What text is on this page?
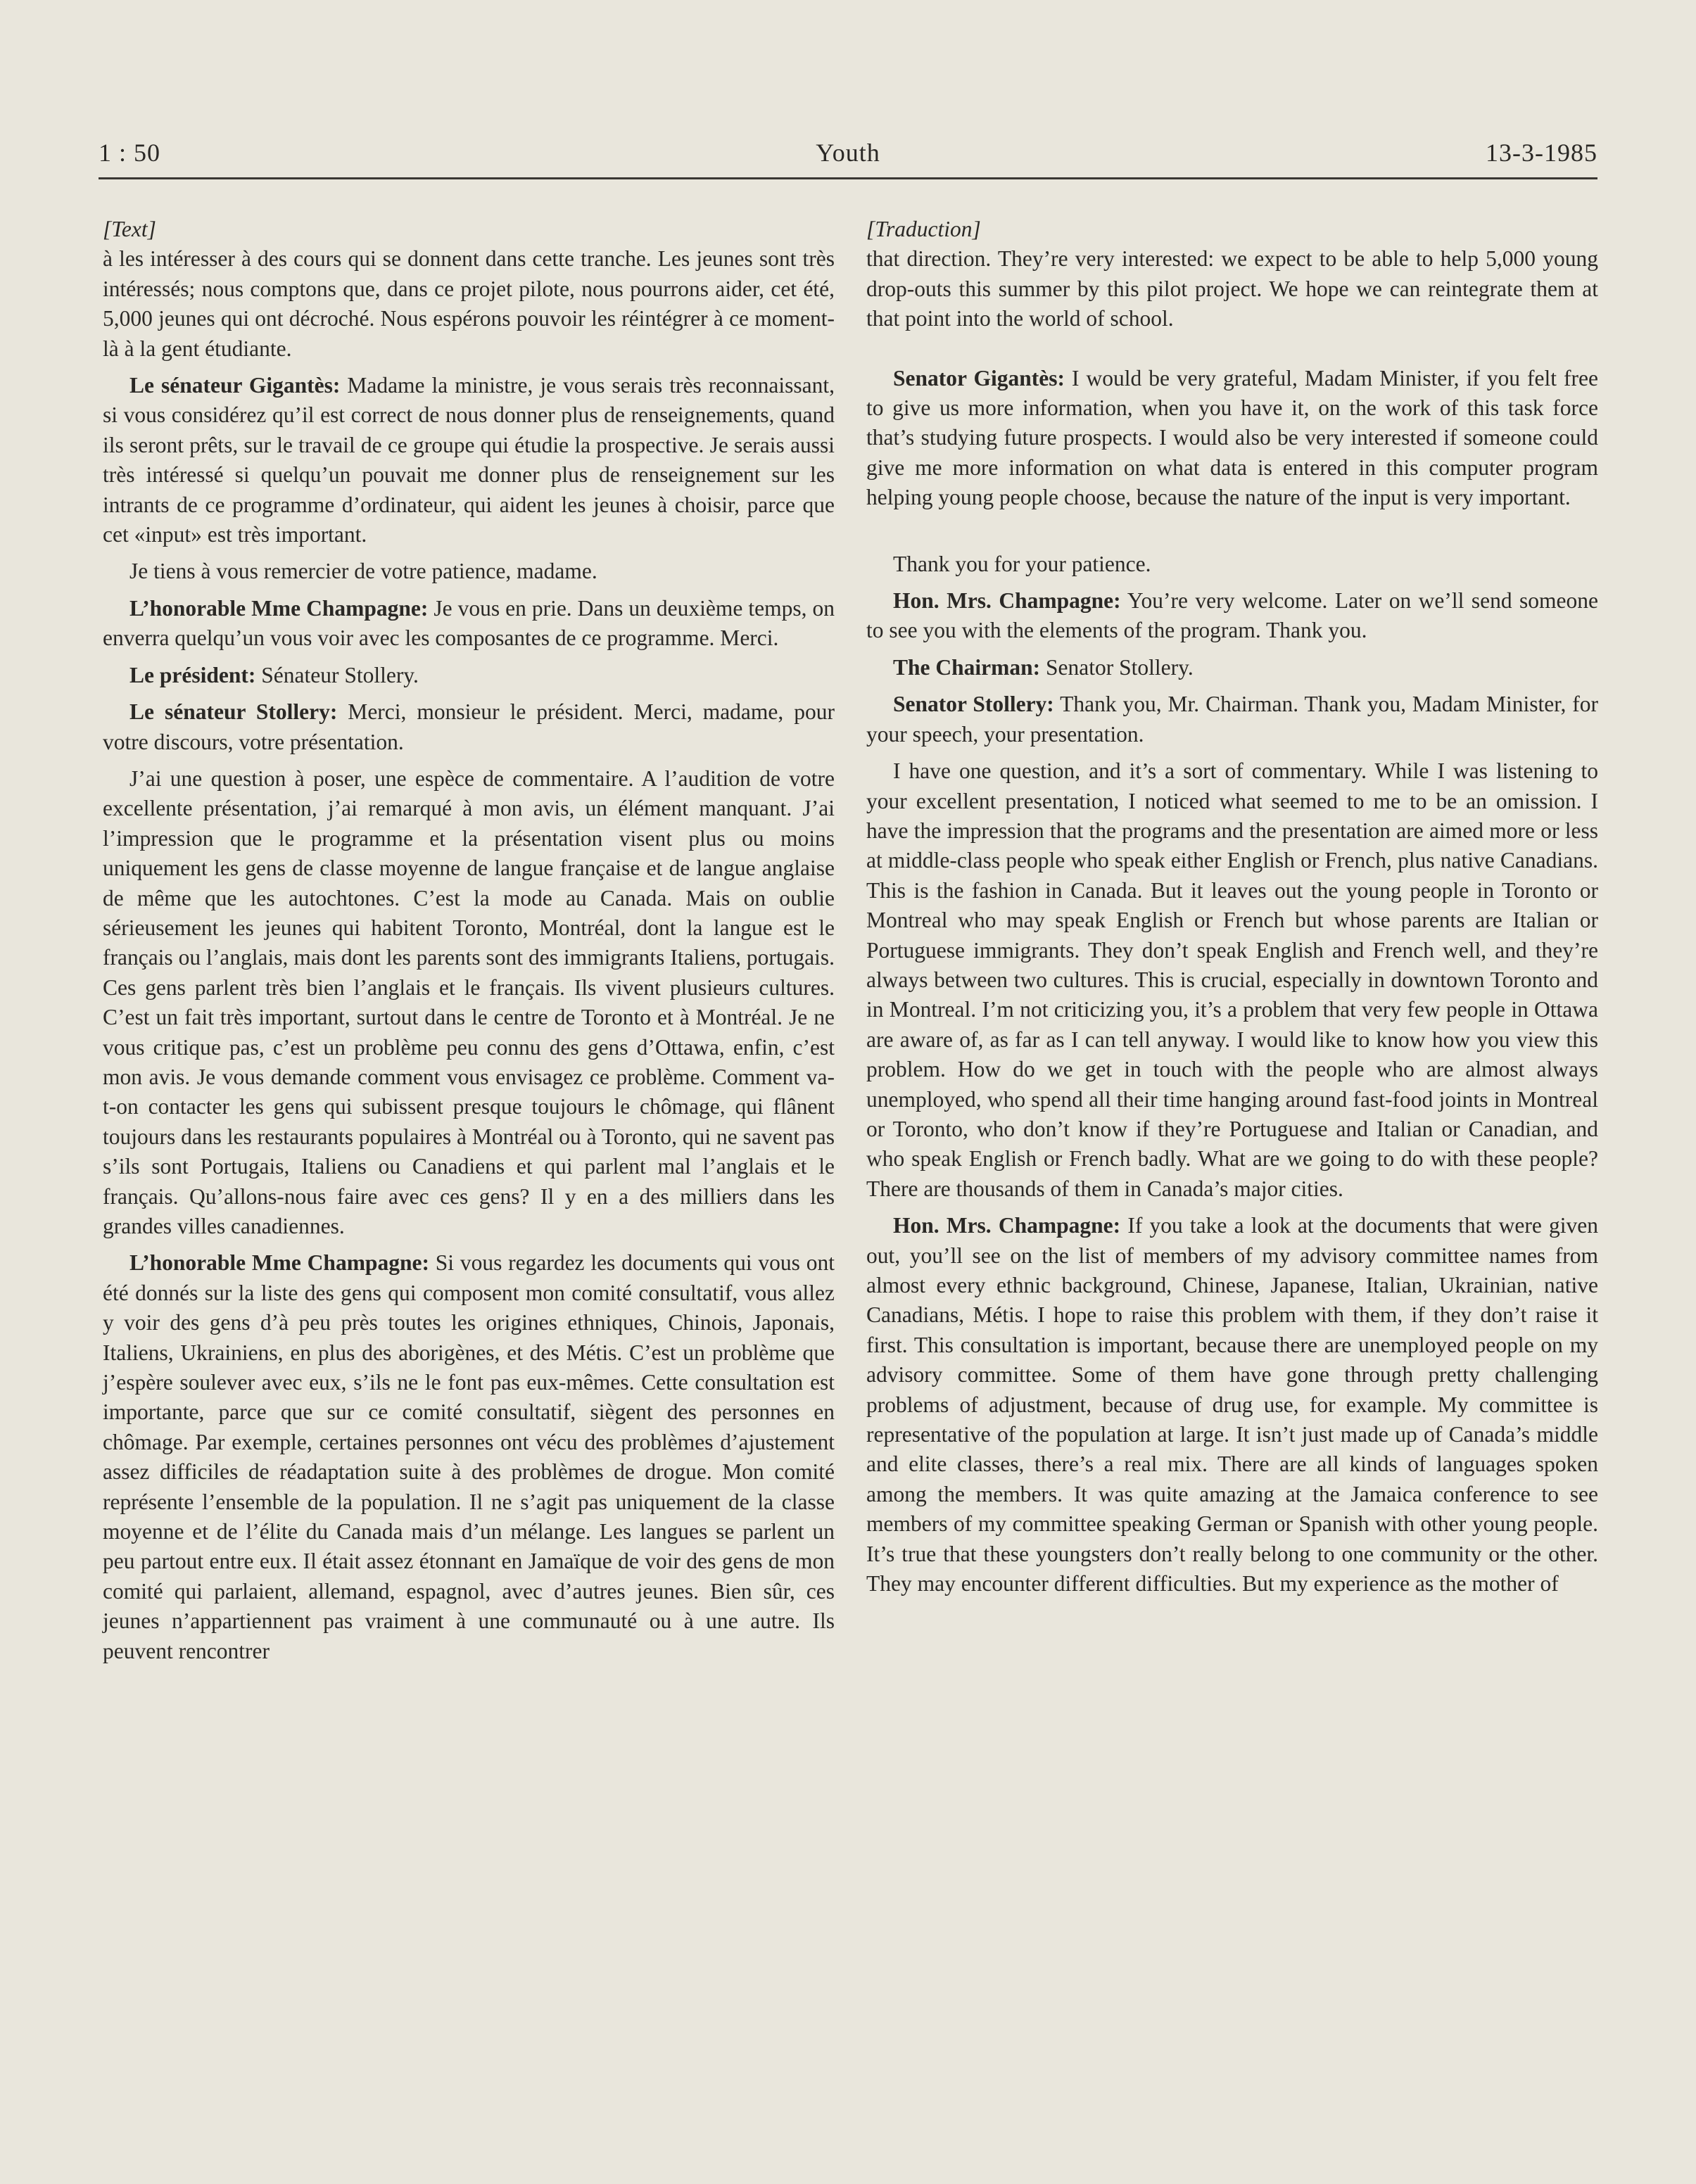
1 : 50	Youth	13-3-1985

[Text]

à les intéresser à des cours qui se donnent dans cette tranche. Les jeunes sont très intéressés; nous comptons que, dans ce projet pilote, nous pourrons aider, cet été, 5,000 jeunes qui ont décroché. Nous espérons pouvoir les réintégrer à ce moment-là à la gent étudiante.

Le sénateur Gigantès: Madame la ministre, je vous serais très reconnaissant, si vous considérez qu’il est correct de nous donner plus de renseignements, quand ils seront prêts, sur le travail de ce groupe qui étudie la prospective. Je serais aussi très intéressé si quelqu’un pouvait me donner plus de renseignement sur les intrants de ce programme d’ordinateur, qui aident les jeunes à choisir, parce que cet «input» est très important.

Je tiens à vous remercier de votre patience, madame.

L’honorable Mme Champagne: Je vous en prie. Dans un deuxième temps, on enverra quelqu’un vous voir avec les composantes de ce programme. Merci.

Le président: Sénateur Stollery.

Le sénateur Stollery: Merci, monsieur le président. Merci, madame, pour votre discours, votre présentation.

J’ai une question à poser, une espèce de commentaire. A l’audition de votre excellente présentation, j’ai remarqué à mon avis, un élément manquant. J’ai l’impression que le programme et la présentation visent plus ou moins uniquement les gens de classe moyenne de langue française et de langue anglaise de même que les autochtones. C’est la mode au Canada. Mais on oublie sérieusement les jeunes qui habitent Toronto, Montréal, dont la langue est le français ou l’anglais, mais dont les parents sont des immigrants Italiens, portugais. Ces gens parlent très bien l’anglais et le français. Ils vivent plusieurs cultures. C’est un fait très important, surtout dans le centre de Toronto et à Montréal. Je ne vous critique pas, c’est un problème peu connu des gens d’Ottawa, enfin, c’est mon avis. Je vous demande comment vous envisagez ce problème. Comment va-t-on contacter les gens qui subissent presque toujours le chômage, qui flânent toujours dans les restaurants populaires à Montréal ou à Toronto, qui ne savent pas s’ils sont Portugais, Italiens ou Canadiens et qui parlent mal l’anglais et le français. Qu’allons-nous faire avec ces gens? Il y en a des milliers dans les grandes villes canadiennes.

L’honorable Mme Champagne: Si vous regardez les documents qui vous ont été donnés sur la liste des gens qui composent mon comité consultatif, vous allez y voir des gens d’à peu près toutes les origines ethniques, Chinois, Japonais, Italiens, Ukrainiens, en plus des aborigènes, et des Métis. C’est un problème que j’espère soulever avec eux, s’ils ne le font pas eux-mêmes. Cette consultation est importante, parce que sur ce comité consultatif, siègent des personnes en chômage. Par exemple, certaines personnes ont vécu des problèmes d’ajustement assez difficiles de réadaptation suite à des problèmes de drogue. Mon comité représente l’ensemble de la population. Il ne s’agit pas uniquement de la classe moyenne et de l’élite du Canada mais d’un mélange. Les langues se parlent un peu partout entre eux. Il était assez étonnant en Jamaïque de voir des gens de mon comité qui parlaient, allemand, espagnol, avec d’autres jeunes. Bien sûr, ces jeunes n’appartiennent pas vraiment à une communauté ou à une autre. Ils peuvent rencontrer

[Traduction]

that direction. They’re very interested: we expect to be able to help 5,000 young drop-outs this summer by this pilot project. We hope we can reintegrate them at that point into the world of school.

Senator Gigantès: I would be very grateful, Madam Minister, if you felt free to give us more information, when you have it, on the work of this task force that’s studying future prospects. I would also be very interested if someone could give me more information on what data is entered in this computer program helping young people choose, because the nature of the input is very important.

Thank you for your patience.

Hon. Mrs. Champagne: You’re very welcome. Later on we’ll send someone to see you with the elements of the program. Thank you.

The Chairman: Senator Stollery.

Senator Stollery: Thank you, Mr. Chairman. Thank you, Madam Minister, for your speech, your presentation.

I have one question, and it’s a sort of commentary. While I was listening to your excellent presentation, I noticed what seemed to me to be an omission. I have the impression that the programs and the presentation are aimed more or less at middle-class people who speak either English or French, plus native Canadians. This is the fashion in Canada. But it leaves out the young people in Toronto or Montreal who may speak English or French but whose parents are Italian or Portuguese immigrants. They don’t speak English and French well, and they’re always between two cultures. This is crucial, especially in downtown Toronto and in Montreal. I’m not criticizing you, it’s a problem that very few people in Ottawa are aware of, as far as I can tell anyway. I would like to know how you view this problem. How do we get in touch with the people who are almost always unemployed, who spend all their time hanging around fast-food joints in Montreal or Toronto, who don’t know if they’re Portuguese and Italian or Canadian, and who speak English or French badly. What are we going to do with these people? There are thousands of them in Canada’s major cities.

Hon. Mrs. Champagne: If you take a look at the documents that were given out, you’ll see on the list of members of my advisory committee names from almost every ethnic background, Chinese, Japanese, Italian, Ukrainian, native Canadians, Métis. I hope to raise this problem with them, if they don’t raise it first. This consultation is important, because there are unemployed people on my advisory committee. Some of them have gone through pretty challenging problems of adjustment, because of drug use, for example. My committee is representative of the population at large. It isn’t just made up of Canada’s middle and elite classes, there’s a real mix. There are all kinds of languages spoken among the members. It was quite amazing at the Jamaica conference to see members of my committee speaking German or Spanish with other young people. It’s true that these youngsters don’t really belong to one community or the other. They may encounter different difficulties. But my experience as the mother of
